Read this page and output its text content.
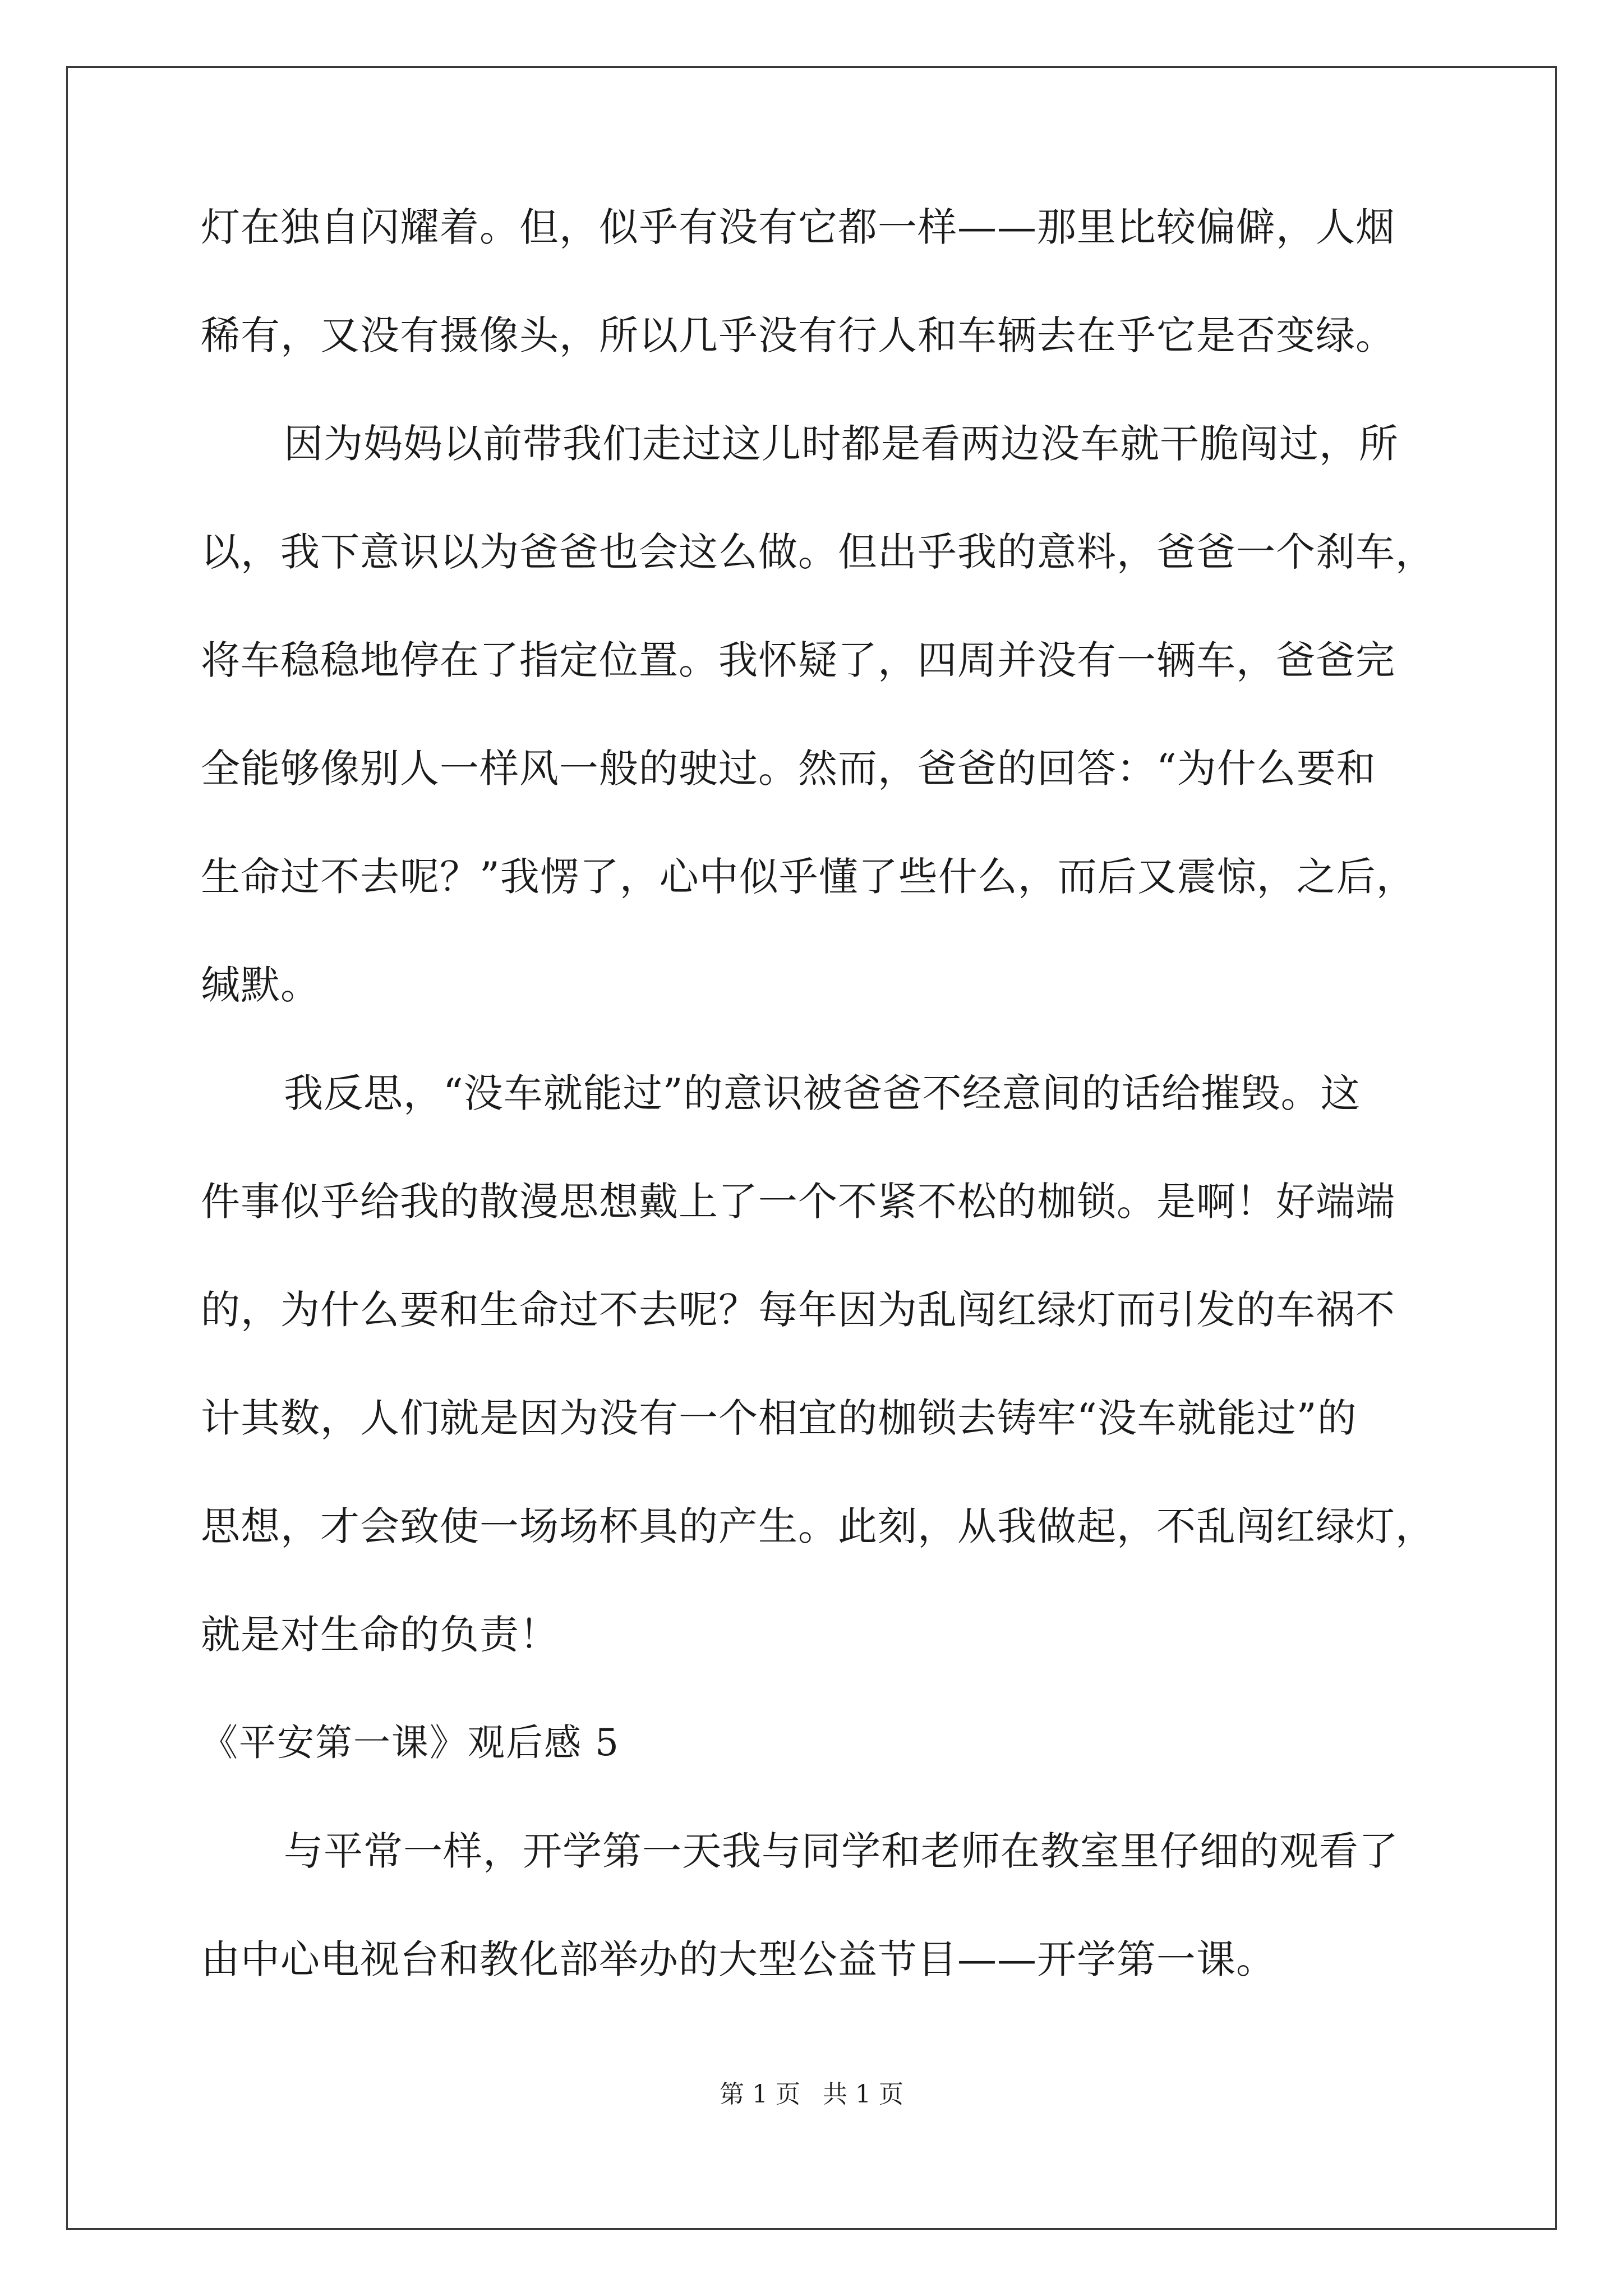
灯在独自闪耀着。但，似乎有没有它都一样——那里比较偏僻，人烟
稀有，又没有摄像头，所以几乎没有行人和车辆去在乎它是否变绿。
因为妈妈以前带我们走过这儿时都是看两边没车就干脆闯过，所
以，我下意识以为爸爸也会这么做。但出乎我的意料，爸爸一个刹车，
将车稳稳地停在了指定位置。我怀疑了，四周并没有一辆车，爸爸完
全能够像别人一样风一般的驶过。然而，爸爸的回答：“为什么要和
生命过不去呢？”我愣了，心中似乎懂了些什么，而后又震惊，之后，
缄默。
我反思，“没车就能过”的意识被爸爸不经意间的话给摧毁。这
件事似乎给我的散漫思想戴上了一个不紧不松的枷锁。是啊！好端端
的，为什么要和生命过不去呢？每年因为乱闯红绿灯而引发的车祸不
计其数，人们就是因为没有一个相宜的枷锁去铸牢“没车就能过”的
思想，才会致使一场场杯具的产生。此刻，从我做起，不乱闯红绿灯，
就是对生命的负责！
《平安第一课》观后感 5
与平常一样，开学第一天我与同学和老师在教室里仔细的观看了
由中心电视台和教化部举办的大型公益节目——开学第一课。
第 1 页 共 1 页
